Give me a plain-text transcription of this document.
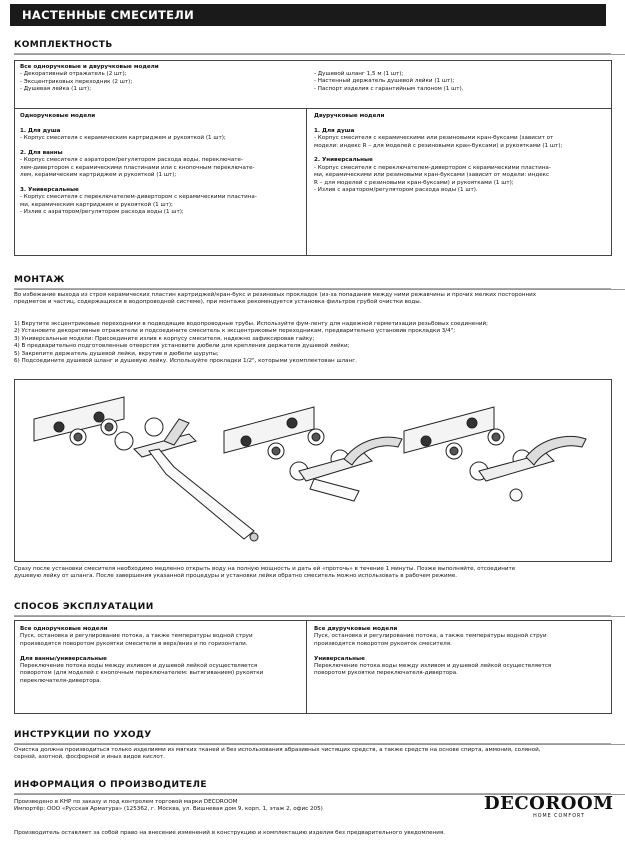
НАСТЕННЫЕ СМЕСИТЕЛИ
КОМПЛЕКТНОСТЬ
Все одноручковые и двуручковые модели
- Декоративный отражатель (2 шт);
- Эксцентриковых переходник (2 шт);
- Душевая лейка (1 шт);
- Душевой шланг 1,5 м (1 шт);
- Настенный держатель душевой лейки (1 шт);
- Паспорт изделия с гарантийным талоном (1 шт).
Одноручковые модели

1. Для душа
- Корпус смесителя с керамическим картриджем и рукояткой (1 шт);

2. Для ванны
- Корпус смесителя с аэратором/регулятором расхода воды, переключате-
лем-дивертором с керамическими пластинами или с кнопочным переключате-
лем, керамическим картриджем и рукояткой (1 шт);

3. Универсальные
- Корпус смесителя с переключателем-дивертором с керамическими пластина-
ми, керамическим картриджем и рукояткой (1 шт);
- Излив с аэратором/регулятором расхода воды (1 шт);
Двуручковые модели

1. Для душа
- Корпус смесителя с керамическими или резиновыми кран-буксами (зависит от
модели: индекс R – для моделей с резиновыми кран-буксами) и рукоятками (1 шт);

2. Универсальные
- Корпус смесителя с переключателем-дивертором с керамическими пластина-
ми, керамическими или резиновыми кран-буксами (зависит от модели: индекс
R – для моделей с резиновыми кран-буксами) и рукоятками (1 шт);
- Излив с аэратором/регулятором расхода воды (1 шт).
МОНТАЖ
Во избежание выхода из строя керамических пластин картриджей/кран-букс и резиновых прокладок (из-за попадания между ними режавчины и прочих мелких посторонних
предметов и частиц, содержащихся в водопроводной системе), при монтаже рекомендуется установка фильтров грубой очистки воды.
1) Вкрутите эксцентриковые переходники в подводящие водопроводные трубы. Используйте фум-ленту для надежной герметизации резьбовых соединений;
2) Установите декоративные отражатели и подсоедините смеситель к эксцентриковым переходникам, предварительно установив прокладки 3/4";
3) Универсальные модели: Присоедините излив к корпусу смесителя, надежно зафиксировав гайку;
4) В предварительно подготовленные отверстия установите дюбели для крепления держателя душевой лейки;
5) Закрепите держатель душевой лейки, вкрутив в дюбели шурупы;
6) Подсоедините душевой шланг и душевую лейку. Используйте прокладки 1/2", которыми укомплектован шланг.
Сразу после установки смесителя необходимо медленно открыть воду на полную мощность и дать ей «проточь» в течение 1 минуты. Позже выполняйте, отсоедините
душевую лейку от шланга. После завершения указанной процедуры и установки лейки обратно смеситель можно использовать в рабочем режиме.
СПОСОБ ЭКСПЛУАТАЦИИ
Все одноручковые модели
Пуск, остановка и регулирование потока, а также температуры водной струи
производятся поворотом рукоятки смесителя в верх/вниз и по горизонтали.

Для ванны/универсальные
Переключение потока воды между изливом и душевой лейкой осуществляется
поворотом (для моделей с кнопочным переключателем: вытягиванием) рукоятки
переключателя-дивертора.
Все двуручковые модели
Пуск, остановка и регулирование потока, а также температуры водной струи
производятся поворотом рукояток смесителя.

Универсальные
Переключение потока воды между изливом и душевой лейкой осуществляется
поворотом рукоятки переключателя-дивертора.
ИНСТРУКЦИИ ПО УХОДУ
Очистка должна производиться только изделиями из мягких тканей и без использования абразивных чистящих средств, а также средств на основе спирта, аммония, соляной,
серной, азотной, фосфорной и иных видов кислот.
ИНФОРМАЦИЯ О ПРОИЗВОДИТЕЛЕ
Произведено в КНР по заказу и под контролем торговой марки DECOROOM
Импортёр: ООО «Русская Арматура» (125362, г. Москва, ул. Вишневая дом 9, корп. 1, этаж 2, офис 205)
Производитель оставляет за собой право на внесение изменений в конструкцию и комплектацию изделия без предварительного уведомления.
DECOROOM
HOME COMFORT
